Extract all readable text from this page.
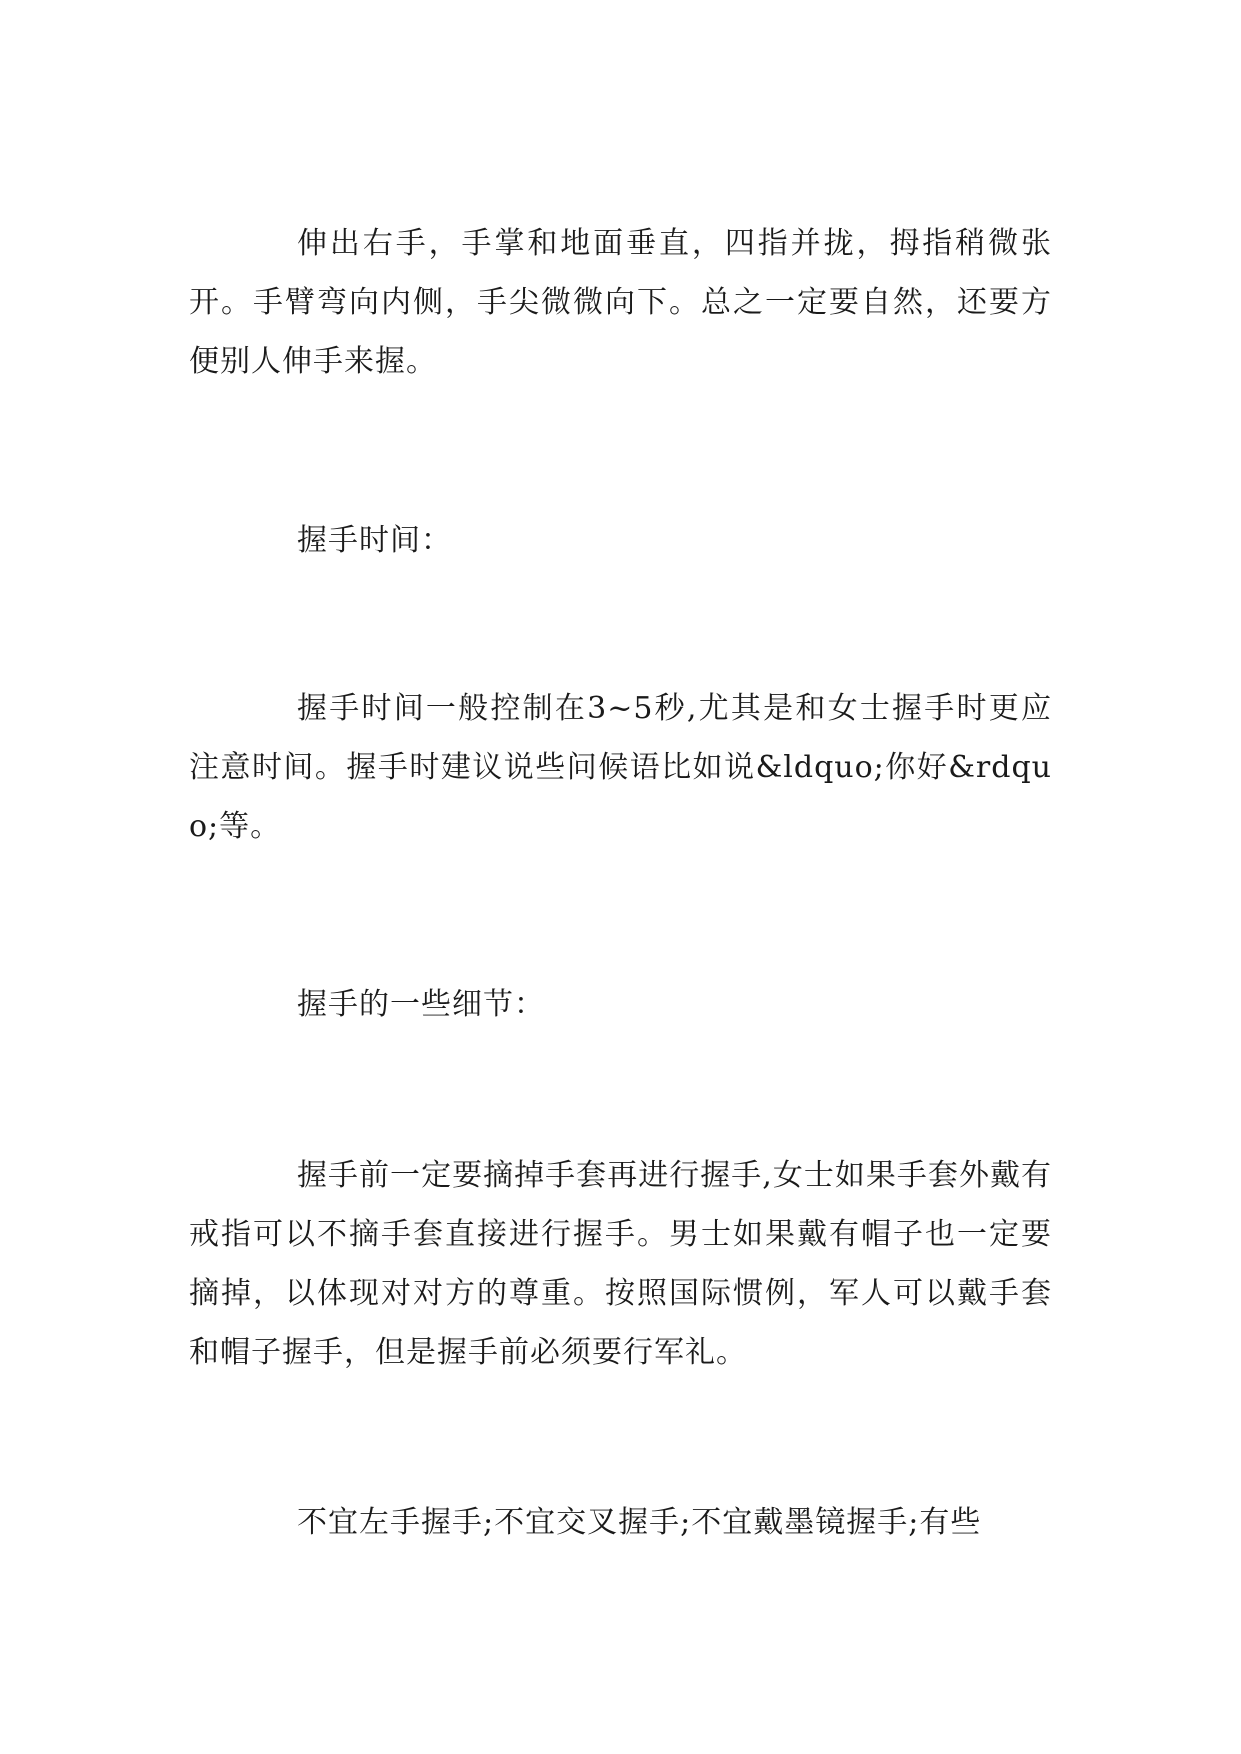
伸出右手，手掌和地面垂直，四指并拢，拇指稍微张开。手臂弯向内侧，手尖微微向下。总之一定要自然，还要方便别人伸手来握。

握手时间：

握手时间一般控制在3~5秒,尤其是和女士握手时更应注意时间。握手时建议说些问候语比如说&ldquo;你好&rdquo;等。

握手的一些细节：

握手前一定要摘掉手套再进行握手,女士如果手套外戴有戒指可以不摘手套直接进行握手。男士如果戴有帽子也一定要摘掉，以体现对对方的尊重。按照国际惯例，军人可以戴手套和帽子握手，但是握手前必须要行军礼。

不宜左手握手;不宜交叉握手;不宜戴墨镜握手;有些
